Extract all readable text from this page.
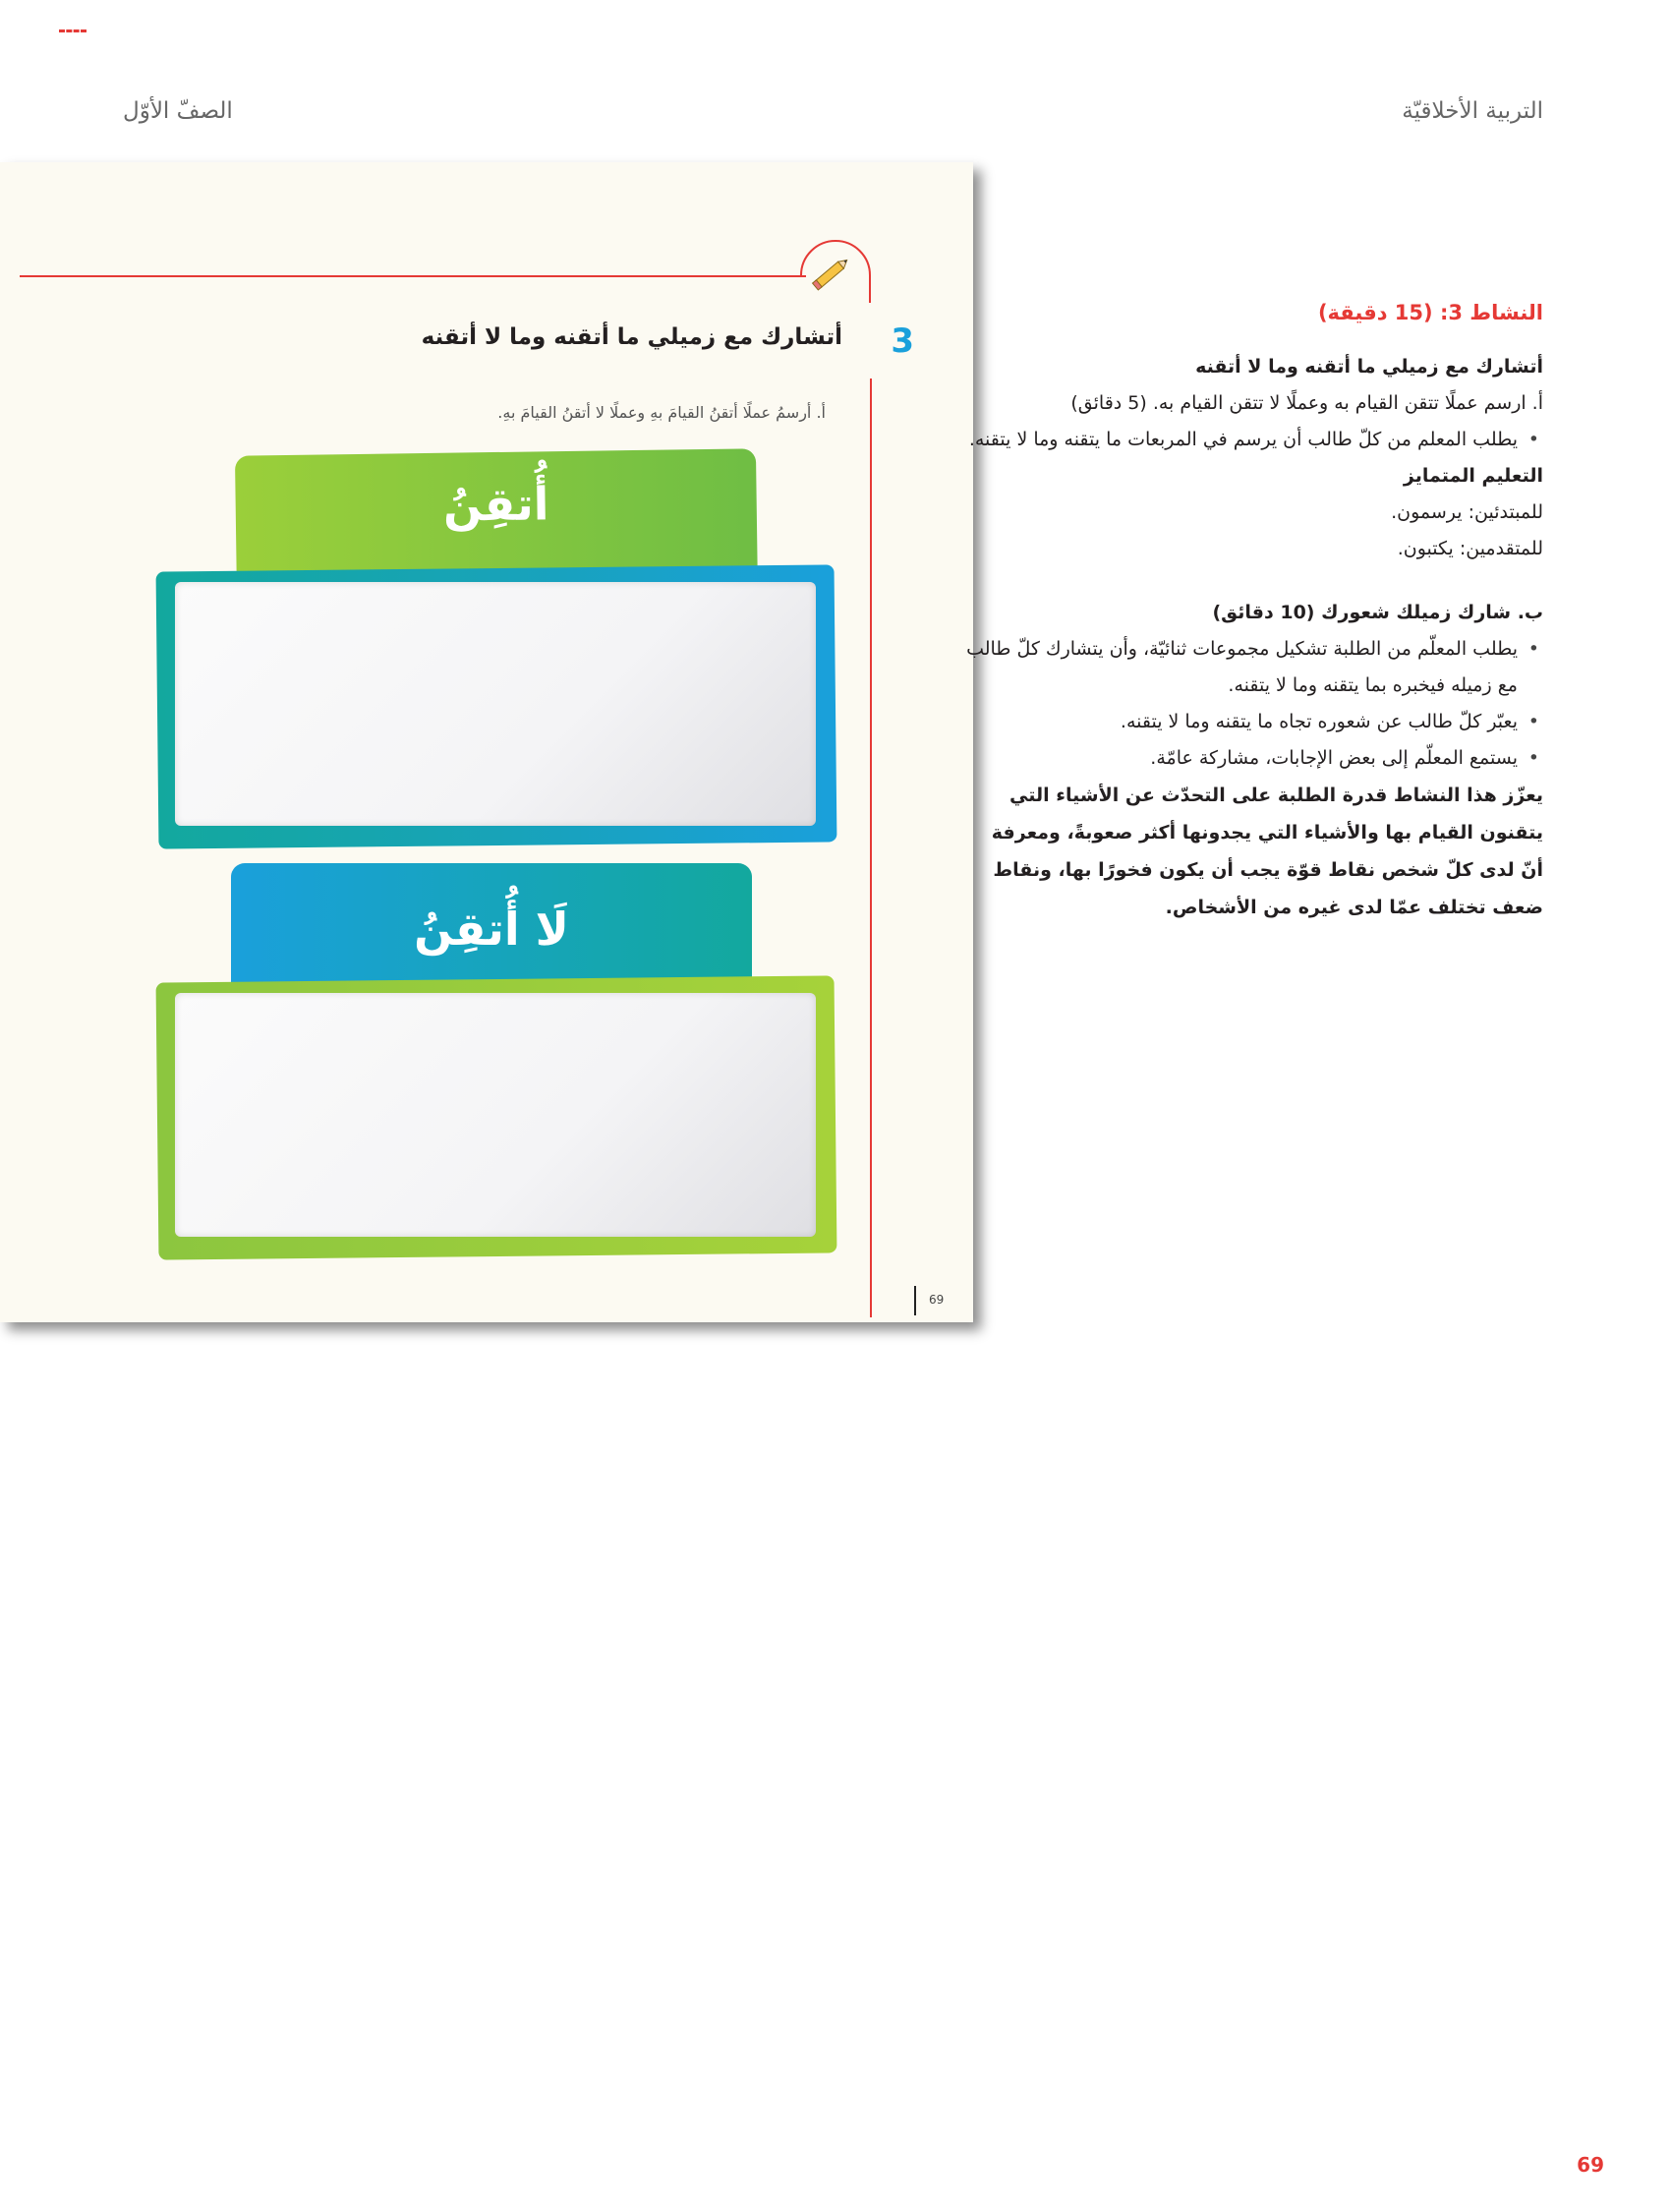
التربية الأخلاقيّة
الصفّ الأوّل
3
أتشارك مع زميلي ما أتقنه وما لا أتقنه
أ. أرسمُ عملًا أتقنُ القيامَ بهِ وعملًا لا أتقنُ القيامَ بهِ.
أُتقِنُ
لَا أُتقِنُ
69

النشاط 3: (15 دقيقة)

أتشارك مع زميلي ما أتقنه وما لا أتقنه

أ. ارسم عملًا تتقن القيام به وعملًا لا تتقن القيام به. (5 دقائق)

• يطلب المعلم من كلّ طالب أن يرسم في المربعات ما يتقنه وما لا يتقنه.

التعليم المتمايز

للمبتدئين: يرسمون.

للمتقدمين: يكتبون.

ب. شارك زميلك شعورك (10 دقائق)

• يطلب المعلّم من الطلبة تشكيل مجموعات ثنائيّة، وأن يتشارك كلّ طالب مع زميله فيخبره بما يتقنه وما لا يتقنه.
• يعبّر كلّ طالب عن شعوره تجاه ما يتقنه وما لا يتقنه.
• يستمع المعلّم إلى بعض الإجابات، مشاركة عامّة.

يعزّز هذا النشاط قدرة الطلبة على التحدّث عن الأشياء التي يتقنون القيام بها والأشياء التي يجدونها أكثر صعوبةً، ومعرفة أنّ لدى كلّ شخص نقاط قوّة يجب أن يكون فخورًا بها، ونقاط ضعف تختلف عمّا لدى غيره من الأشخاص.

69
